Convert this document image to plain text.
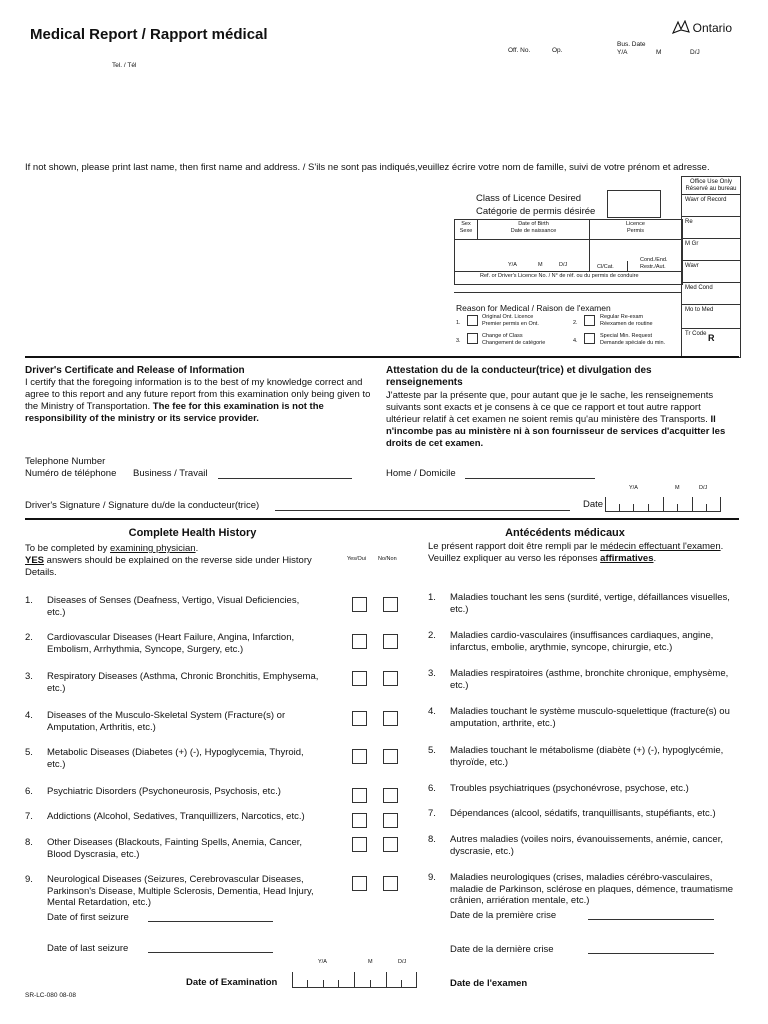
Medical Report / Rapport médical
Tel. / Tél
Off. No.	Op.
Bus. Date
Y/A	M	D/J
Ontario
If not shown, please print last name, then first name and address. / S'ils ne sont pas indiqués,veuillez écrire votre nom de famille, suivi de votre prénom et adresse.
Class of Licence Desired
Catégorie de permis désirée
Sex
Sexe
Date of Birth
Date de naissance
Licence
Permis
Y/A	M	D/J	Cl/Cat.
Cond./End.
Restr./Aut.
Ref. or Driver's Licence No. / N° de réf. ou du permis de conduire
Reason for Medical / Raison de l'examen
1.
Original Ont. Licence
Premier permis en Ont.	2.
Regular Re-exam
Réexamen de routine
3.
Change of Class
Changement de catégorie	4.
Special Min. Request
Demande spéciale du min.
Office Use Only
Réservé au bureau
Wavr of Record
Re
M Gr
Wavr
Med Cond
Mo to Med
Tr Code R
Driver's Certificate and Release of Information
I certify that the foregoing information is to the best of my knowledge correct and agree to this report and any future report from this examination only being given to the Ministry of Transportation. The fee for this examination is not the responsibility of the ministry or its service provider.
Attestation du de la conducteur(trice) et divulgation des renseignements
J'atteste par la présente que, pour autant que je le sache, les renseignements suivants sont exacts et je consens à ce que ce rapport et tout autre rapport ultérieur relatif à cet examen ne soient remis qu'au ministère des Transports. Il n'incombe pas au ministère ni à son fournisseur de services d'acquitter les droits de cet examen.
Telephone Number
Numéro de téléphone Business / Travail	Home / Domicile
Y/A	M	D/J
Driver's Signature / Signature du/de la conducteur(trice)	Date
Complete Health History	Antécédents médicaux
To be completed by examining physician.
YES answers should be explained on the reverse side under History Details.
Yes/Oui No/Non
Le présent rapport doit être rempli par le médecin effectuant l'examen.
Veuillez expliquer au verso les réponses affirmatives.
1. Diseases of Senses (Deafness, Vertigo, Visual Deficiencies, etc.)
1. Maladies touchant les sens (surdité, vertige, défaillances visuelles, etc.)
2. Cardiovascular Diseases (Heart Failure, Angina, Infarction, Embolism, Arrhythmia, Syncope, Surgery, etc.)
2. Maladies cardio-vasculaires (insuffisances cardiaques, angine, infarctus, embolie, arythmie, syncope, chirurgie, etc.)
3. Respiratory Diseases (Asthma, Chronic Bronchitis, Emphysema, etc.)
3. Maladies respiratoires (asthme, bronchite chronique, emphysème, etc.)
4. Diseases of the Musculo-Skeletal System (Fracture(s) or Amputation, Arthritis, etc.)
4. Maladies touchant le système musculo-squelettique (fracture(s) ou amputation, arthrite, etc.)
5. Metabolic Diseases (Diabetes (+) (-), Hypoglycemia, Thyroid, etc.)
5. Maladies touchant le métabolisme (diabète (+) (-), hypoglycémie, thyroïde, etc.)
6. Psychiatric Disorders (Psychoneurosis, Psychosis, etc.)	6. Troubles psychiatriques (psychonévrose, psychose, etc.)
7. Addictions (Alcohol, Sedatives, Tranquillizers, Narcotics, etc.)	7. Dépendances (alcool, sédatifs, tranquillisants, stupéfiants, etc.)
8. Other Diseases (Blackouts, Fainting Spells, Anemia, Cancer, Blood Dyscrasia, etc.)
8. Autres maladies (voiles noirs, évanouissements, anémie, cancer, dyscrasie, etc.)
9. Neurological Diseases (Seizures, Cerebrovascular Diseases, Parkinson's Disease, Multiple Sclerosis, Dementia, Head Injury, Mental Retardation, etc.)
9. Maladies neurologiques (crises, maladies cérébro-vasculaires, maladie de Parkinson, sclérose en plaques, démence, traumatisme crânien, arriération mentale, etc.)
Date of first seizure	Date de la première crise
Date of last seizure	Date de la dernière crise
Y/A	M	D/J
Date of Examination	Date de l'examen
SR-LC-080 08-08
